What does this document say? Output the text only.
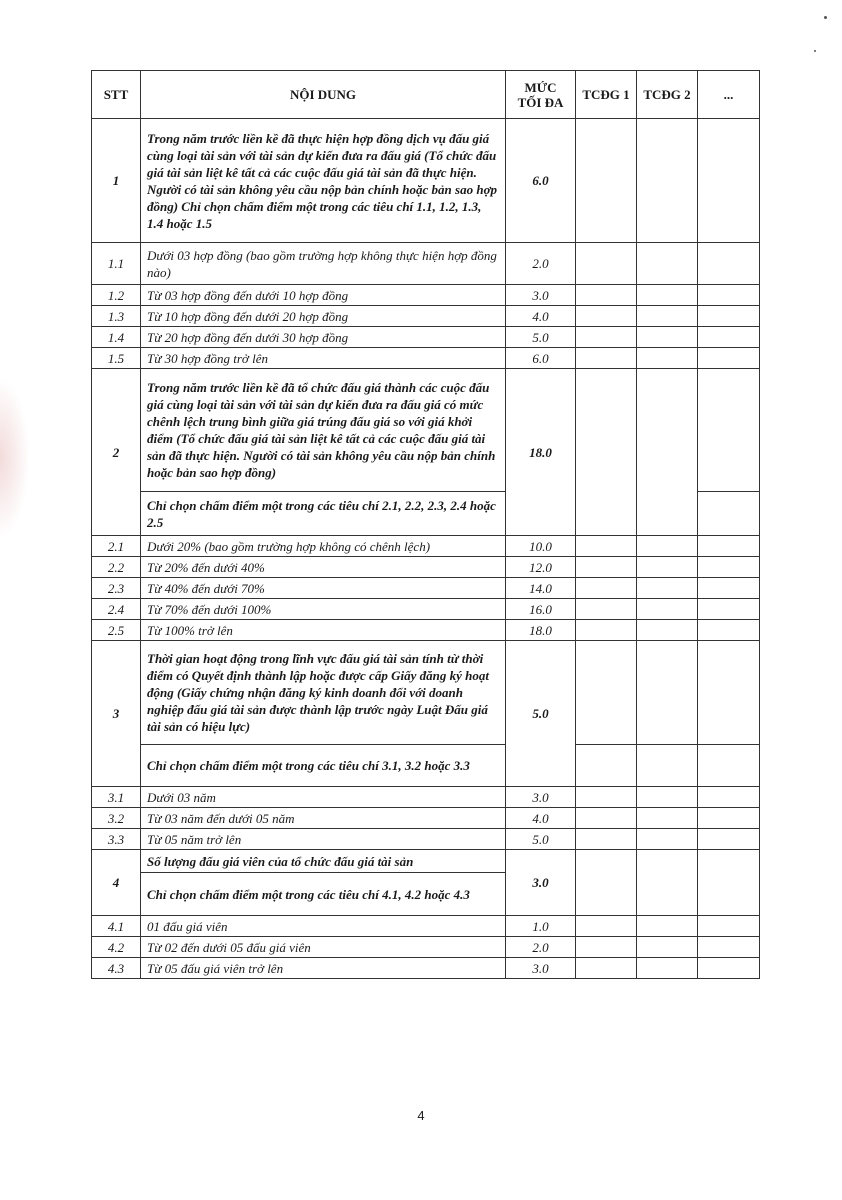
STT	NỘI DUNG	MỨC TỐI ĐA	TCĐG 1	TCĐG 2	...
1	Trong năm trước liền kề đã thực hiện hợp đồng dịch vụ đấu giá cùng loại tài sản với tài sản dự kiến đưa ra đấu giá (Tổ chức đấu giá tài sản liệt kê tất cả các cuộc đấu giá tài sản đã thực hiện. Người có tài sản không yêu cầu nộp bản chính hoặc bản sao hợp đồng) Chỉ chọn chấm điểm một trong các tiêu chí 1.1, 1.2, 1.3, 1.4 hoặc 1.5	6.0			
1.1	Dưới 03 hợp đồng (bao gồm trường hợp không thực hiện hợp đồng nào)	2.0			
1.2	Từ 03 hợp đồng đến dưới 10 hợp đồng	3.0			
1.3	Từ 10 hợp đồng đến dưới 20 hợp đồng	4.0			
1.4	Từ 20 hợp đồng đến dưới 30 hợp đồng	5.0			
1.5	Từ 30 hợp đồng trở lên	6.0			
2	Trong năm trước liền kề đã tổ chức đấu giá thành các cuộc đấu giá cùng loại tài sản với tài sản dự kiến đưa ra đấu giá có mức chênh lệch trung bình giữa giá trúng đấu giá so với giá khởi điểm (Tổ chức đấu giá tài sản liệt kê tất cả các cuộc đấu giá tài sản đã thực hiện. Người có tài sản không yêu cầu nộp bản chính hoặc bản sao hợp đồng)	18.0			
	Chỉ chọn chấm điểm một trong các tiêu chí 2.1, 2.2, 2.3, 2.4 hoặc 2.5				
2.1	Dưới 20% (bao gồm trường hợp không có chênh lệch)	10.0			
2.2	Từ 20% đến dưới 40%	12.0			
2.3	Từ 40% đến dưới 70%	14.0			
2.4	Từ 70% đến dưới 100%	16.0			
2.5	Từ 100% trở lên	18.0			
3	Thời gian hoạt động trong lĩnh vực đấu giá tài sản tính từ thời điểm có Quyết định thành lập hoặc được cấp Giấy đăng ký hoạt động (Giấy chứng nhận đăng ký kinh doanh đối với doanh nghiệp đấu giá tài sản được thành lập trước ngày Luật Đấu giá tài sản có hiệu lực)	5.0			
	Chỉ chọn chấm điểm một trong các tiêu chí 3.1, 3.2 hoặc 3.3				
3.1	Dưới 03 năm	3.0			
3.2	Từ 03 năm đến dưới 05 năm	4.0			
3.3	Từ 05 năm trở lên	5.0			
4	Số lượng đấu giá viên của tổ chức đấu giá tài sản	3.0			
	Chỉ chọn chấm điểm một trong các tiêu chí 4.1, 4.2 hoặc 4.3				
4.1	01 đấu giá viên	1.0			
4.2	Từ 02 đến dưới 05 đấu giá viên	2.0			
4.3	Từ 05 đấu giá viên trở lên	3.0			
4
